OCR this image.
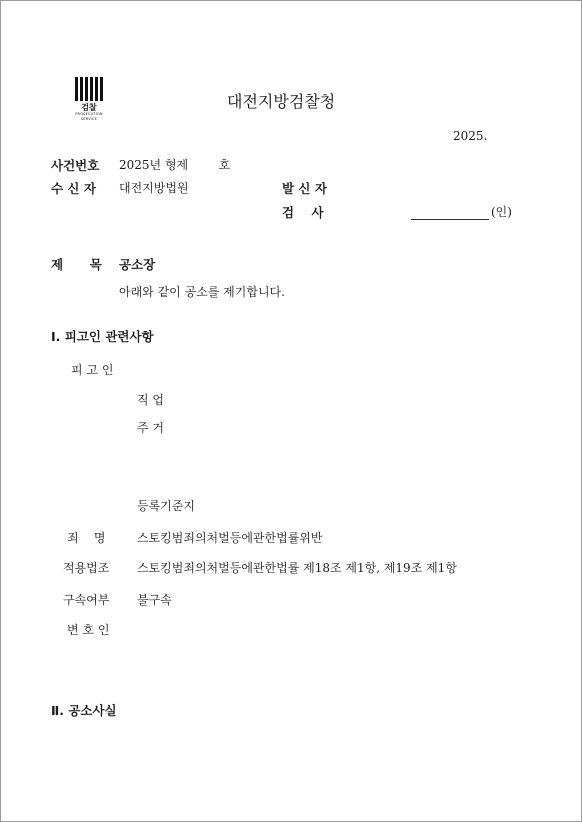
검찰
PROSECUTION SERVICE
대전지방검찰청
2025.
사건번호 2025년 형제        호
수 신 자 대전지방법원	발 신 자
검    사	(인)
제  목 공소장
아래와 같이 공소를 제기합니다.
Ⅰ. 피고인 관련사항
피 고 인
직 업
주 거
등록기준지
죄    명	스토킹범죄의처벌등에관한법률위반
적용법조 스토킹범죄의처벌등에관한법률 제18조 제1항, 제19조 제1항
구속여부 불구속
변 호 인
Ⅱ. 공소사실
